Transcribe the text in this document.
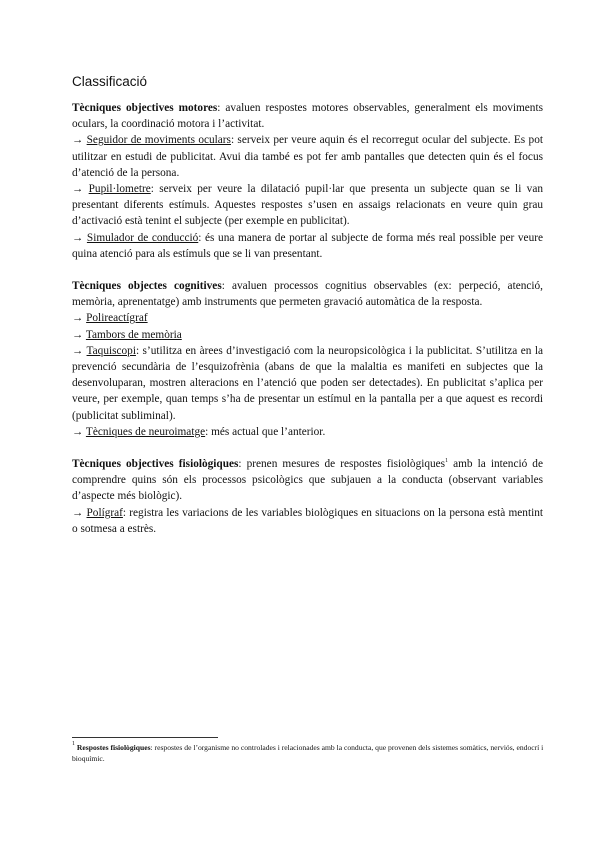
Classificació

Tècniques objectives motores: avaluen respostes motores observables, generalment els moviments oculars, la coordinació motora i l’activitat.

→ Seguidor de moviments oculars: serveix per veure aquin és el recorregut ocular del subjecte. Es pot utilitzar en estudi de publicitat. Avui dia també es pot fer amb pantalles que detecten quin és el focus d’atenció de la persona.

→ Pupil·lometre: serveix per veure la dilatació pupil·lar que presenta un subjecte quan se li van presentant diferents estímuls. Aquestes respostes s’usen en assaigs relacionats en veure quin grau d’activació està tenint el subjecte (per exemple en publicitat).

→ Simulador de conducció: és una manera de portar al subjecte de forma més real possible per veure quina atenció para als estímuls que se li van presentant.

Tècniques objectes cognitives: avaluen processos cognitius observables (ex: perpeció, atenció, memòria, aprenentatge) amb instruments que permeten gravació automàtica de la resposta.

→ Polireactígraf

→ Tambors de memòria

→ Taquiscopi: s’utilitza en àrees d’investigació com la neuropsicològica i la publicitat. S’utilitza en la prevenció secundària de l’esquizofrènia (abans de que la malaltia es manifeti en subjectes que la desenvoluparan, mostren alteracions en l’atenció que poden ser detectades). En publicitat s’aplica per veure, per exemple, quan temps s’ha de presentar un estímul en la pantalla per a que aquest es recordi (publicitat subliminal).

→ Tècniques de neuroimatge: més actual que l’anterior.

Tècniques objectives fisiològiques: prenen mesures de respostes fisiològiques$^1$ amb la intenció de comprendre quins són els processos psicològics que subjauen a la conducta (observant variables d’aspecte més biològic).

→ Polígraf: registra les variacions de les variables biològiques en situacions on la persona està mentint o sotmesa a estrès.

$^1$ Respostes fisiològiques: respostes de l’organisme no controlades i relacionades amb la conducta, que provenen dels sistemes somàtics, nerviós, endocrí i bioquímic.
